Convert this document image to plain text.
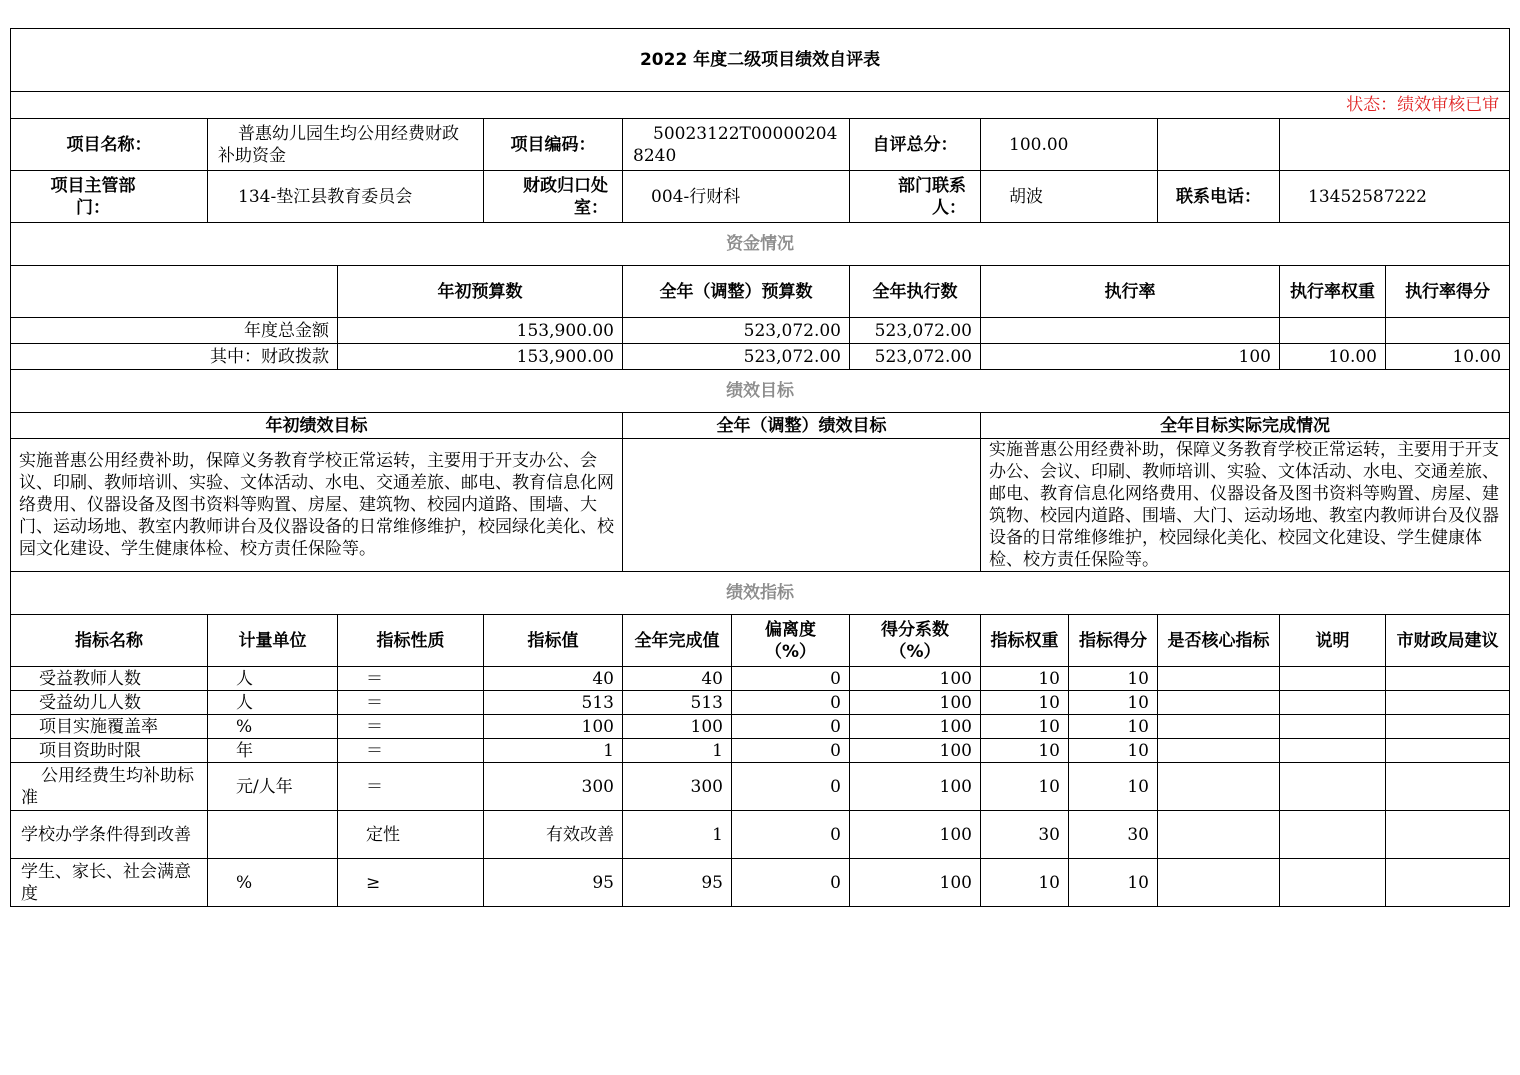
2022 年度二级项目绩效自评表											
状态：绩效审核已审											
项目名称：	普惠幼儿园生均公用经费财政补助资金		项目编码：	50023122T000002048240		自评总分：	100.00				
项目主管部门：	134-垫江县教育委员会		财政归口处室：	004-行财科		部门联系人：	胡波		联系电话：	13452587222	
资金情况											
		年初预算数		全年（调整）预算数		全年执行数	执行率			执行率权重	执行率得分
年度总金额		153,900.00		523,072.00		523,072.00					
其中：财政拨款		153,900.00		523,072.00		523,072.00	100			10.00	10.00
绩效目标											
年初绩效目标				全年（调整）绩效目标			全年目标实际完成情况				
实施普惠公用经费补助，保障义务教育学校正常运转，主要用于开支办公、会议、印刷、教师培训、实验、文体活动、水电、交通差旅、邮电、教育信息化网络费用、仪器设备及图书资料等购置、房屋、建筑物、校园内道路、围墙、大门、运动场地、教室内教师讲台及仪器设备的日常维修维护，校园绿化美化、校园文化建设、学生健康体检、校方责任保险等。							实施普惠公用经费补助，保障义务教育学校正常运转，主要用于开支办公、会议、印刷、教师培训、实验、文体活动、水电、交通差旅、邮电、教育信息化网络费用、仪器设备及图书资料等购置、房屋、建筑物、校园内道路、围墙、大门、运动场地、教室内教师讲台及仪器设备的日常维修维护，校园绿化美化、校园文化建设、学生健康体检、校方责任保险等。				
绩效指标											
指标名称	计量单位	指标性质	指标值	全年完成值	偏离度（%）	得分系数（%）	指标权重	指标得分	是否核心指标	说明	市财政局建议
受益教师人数	人	＝	40	40	0	100	10	10			
受益幼儿人数	人	＝	513	513	0	100	10	10			
项目实施覆盖率	%	＝	100	100	0	100	10	10			
项目资助时限	年	＝	1	1	0	100	10	10			
公用经费生均补助标准	元/人年	＝	300	300	0	100	10	10			
学校办学条件得到改善		定性	有效改善	1	0	100	30	30			
学生、家长、社会满意度	%	≥	95	95	0	100	10	10			
